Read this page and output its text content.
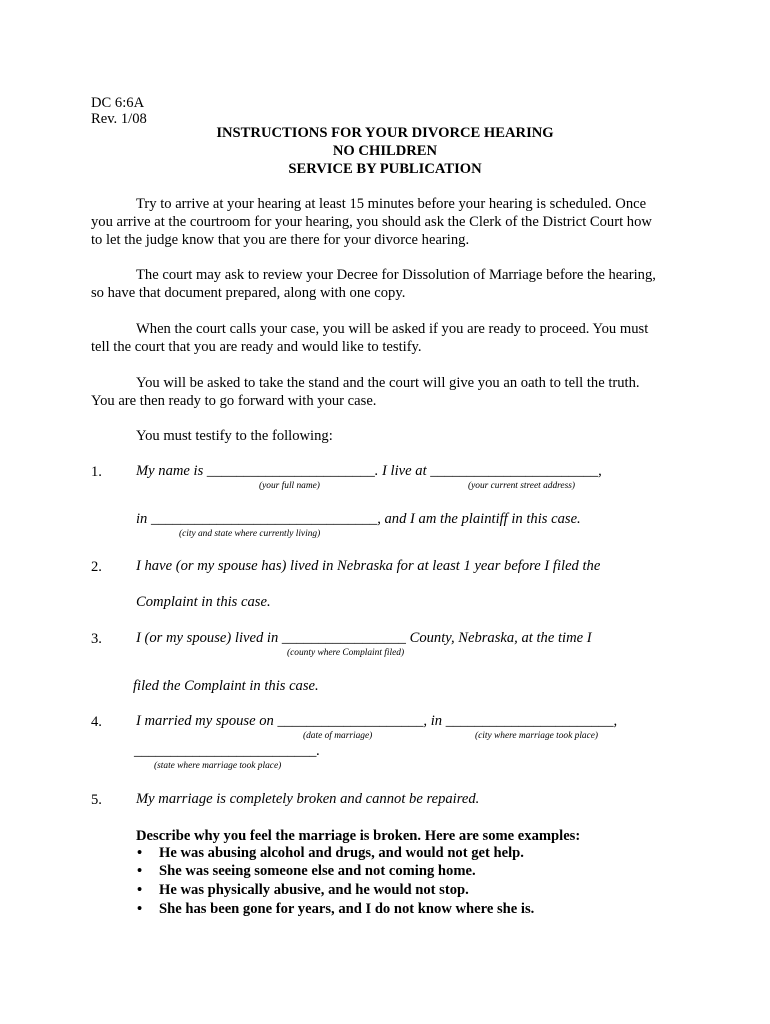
DC 6:6A
Rev. 1/08
INSTRUCTIONS FOR YOUR DIVORCE HEARING
NO CHILDREN
SERVICE BY PUBLICATION
Try to arrive at your hearing at least 15 minutes before your hearing is scheduled. Once
you arrive at the courtroom for your hearing, you should ask the Clerk of the District Court how
to let the judge know that you are there for your divorce hearing.
The court may ask to review your Decree for Dissolution of Marriage before the hearing,
so have that document prepared, along with one copy.
When the court calls your case, you will be asked if you are ready to proceed. You must
tell the court that you are ready and would like to testify.
You will be asked to take the stand and the court will give you an oath to tell the truth.
You are then ready to go forward with your case.
You must testify to the following:
1. My name is _______________________. I live at _______________________,
(your full name)	(your current street address)
in _______________________________, and I am the plaintiff in this case.
(city and state where currently living)
2. I have (or my spouse has) lived in Nebraska for at least 1 year before I filed the
Complaint in this case.
3. I (or my spouse) lived in _________________ County, Nebraska, at the time I
(county where Complaint filed)
filed the Complaint in this case.
4. I married my spouse on ____________________, in _______________________,
(date of marriage)	(city where marriage took place)
_________________________.
(state where marriage took place)
5. My marriage is completely broken and cannot be repaired.
Describe why you feel the marriage is broken. Here are some examples:
• He was abusing alcohol and drugs, and would not get help.
• She was seeing someone else and not coming home.
• He was physically abusive, and he would not stop.
• She has been gone for years, and I do not know where she is.
